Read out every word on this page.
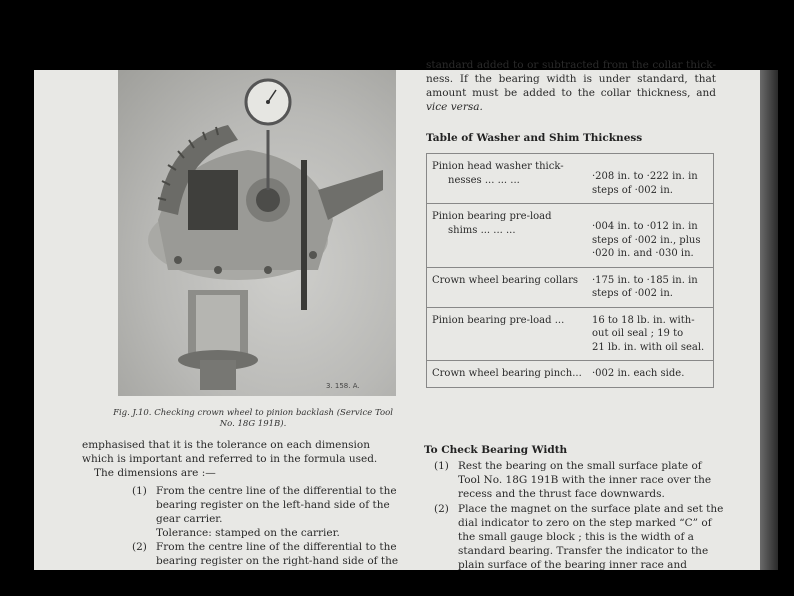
3. 158. A.
Fig. J.10. Checking crown wheel to pinion backlash (Service Tool
No. 18G 191B).
emphasised that it is the tolerance on each dimension
which is important and referred to in the formula used.
The dimensions are :—
(1) From the centre line of the differential to the
bearing register on the left-hand side of the
gear carrier.
Tolerance: stamped on the carrier.
(2) From the centre line of the differential to the
bearing register on the right-hand side of the
standard added to or subtracted from the collar thick-
ness. If the bearing width is under standard, that
amount must be added to the collar thickness, and
vice versa.
Table of Washer and Shim Thickness
Pinion head washer thick-
nesses ... ... ...	·208 in. to ·222 in. in
steps of ·002 in.

Pinion bearing pre-load
shims ... ... ...	·004 in. to ·012 in. in
steps of ·002 in., plus
·020 in. and ·030 in.

Crown wheel bearing collars	·175 in. to ·185 in. in
steps of ·002 in.

Pinion bearing pre-load ...	16 to 18 lb. in. with-
out oil seal ; 19 to
21 lb. in. with oil seal.

Crown wheel bearing pinch...	·002 in. each side.
To Check Bearing Width
(1) Rest the bearing on the small surface plate of
Tool No. 18G 191B with the inner race over the
recess and the thrust face downwards.
(2) Place the magnet on the surface plate and set the
dial indicator to zero on the step marked “C” of
the small gauge block ; this is the width of a
standard bearing. Transfer the indicator to the
plain surface of the bearing inner race and
